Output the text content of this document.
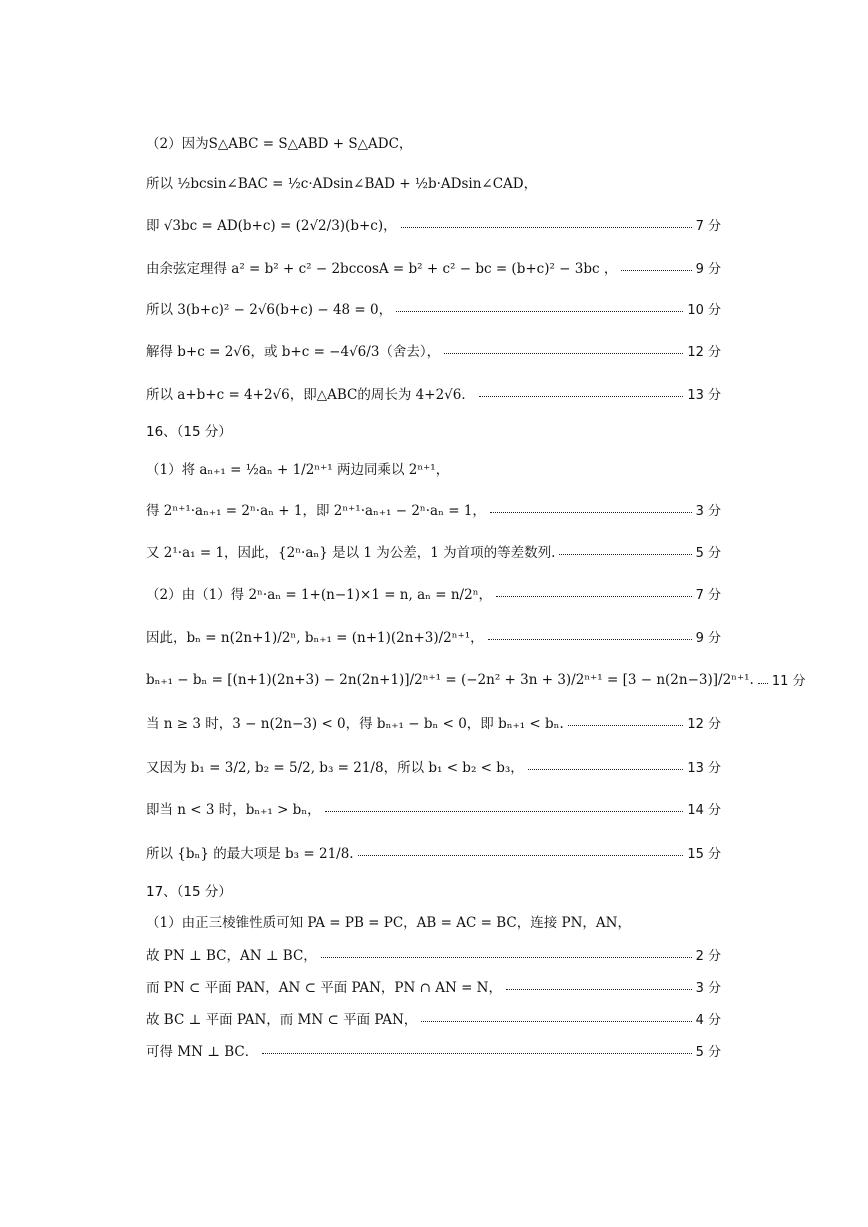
（2）因为S△ABC = S△ABD + S△ADC，
所以 ½bcsin∠BAC = ½c·ADsin∠BAD + ½b·ADsin∠CAD，
即 √3bc = AD(b+c) = (2√2/3)(b+c)，	7 分
由余弦定理得 a² = b² + c² − 2bccosA = b² + c² − bc = (b+c)² − 3bc ，	9 分
所以 3(b+c)² − 2√6(b+c) − 48 = 0，	10 分
解得 b+c = 2√6，或 b+c = −4√6/3（舍去），	12 分
所以 a+b+c = 4+2√6，即△ABC的周长为 4+2√6．	13 分
16、（15 分）
（1）将 aₙ₊₁ = ½aₙ + 1/2ⁿ⁺¹ 两边同乘以 2ⁿ⁺¹，
得 2ⁿ⁺¹·aₙ₊₁ = 2ⁿ·aₙ + 1，即 2ⁿ⁺¹·aₙ₊₁ − 2ⁿ·aₙ = 1，	3 分
又 2¹·a₁ = 1，因此，{2ⁿ·aₙ} 是以 1 为公差，1 为首项的等差数列.	5 分
（2）由（1）得 2ⁿ·aₙ = 1+(n−1)×1 = n, aₙ = n/2ⁿ，	7 分
因此，bₙ = n(2n+1)/2ⁿ, bₙ₊₁ = (n+1)(2n+3)/2ⁿ⁺¹，	9 分
bₙ₊₁ − bₙ = [(n+1)(2n+3) − 2n(2n+1)]/2ⁿ⁺¹ = (−2n² + 3n + 3)/2ⁿ⁺¹ = [3 − n(2n−3)]/2ⁿ⁺¹. 11 分
当 n ≥ 3 时，3 − n(2n−3) < 0，得 bₙ₊₁ − bₙ < 0，即 bₙ₊₁ < bₙ.	12 分
又因为 b₁ = 3/2, b₂ = 5/2, b₃ = 21/8，所以 b₁ < b₂ < b₃，	13 分
即当 n < 3 时，bₙ₊₁ > bₙ，	14 分
所以 {bₙ} 的最大项是 b₃ = 21/8.	15 分
17、（15 分）
（1）由正三棱锥性质可知 PA = PB = PC，AB = AC = BC，连接 PN，AN，
故 PN ⊥ BC，AN ⊥ BC，	2 分
而 PN ⊂ 平面 PAN，AN ⊂ 平面 PAN，PN ∩ AN = N，	3 分
故 BC ⊥ 平面 PAN，而 MN ⊂ 平面 PAN，	4 分
可得 MN ⊥ BC．	5 分
